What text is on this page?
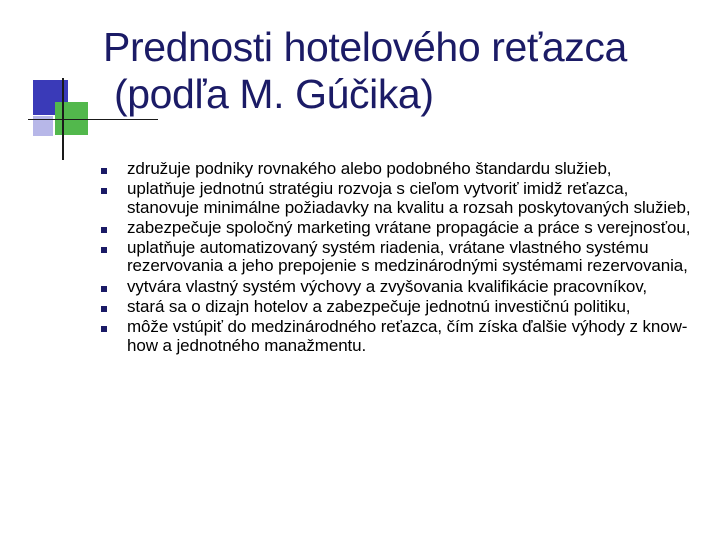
Prednosti hotelového reťazca
(podľa M. Gúčika)
združuje podniky rovnakého alebo podobného štandardu služieb,
uplatňuje jednotnú stratégiu rozvoja s cieľom vytvoriť imidž reťazca,  stanovuje minimálne požiadavky na kvalitu a rozsah poskytovaných služieb,
zabezpečuje spoločný marketing vrátane propagácie a práce s verejnosťou,
uplatňuje automatizovaný systém riadenia, vrátane vlastného systému rezervovania a jeho prepojenie s medzinárodnými systémami rezervovania,
vytvára vlastný systém výchovy a zvyšovania kvalifikácie pracovníkov,
stará sa o dizajn hotelov a zabezpečuje jednotnú investičnú politiku,
môže vstúpiť do medzinárodného reťazca, čím získa ďalšie výhody z know-how a jednotného manažmentu.
